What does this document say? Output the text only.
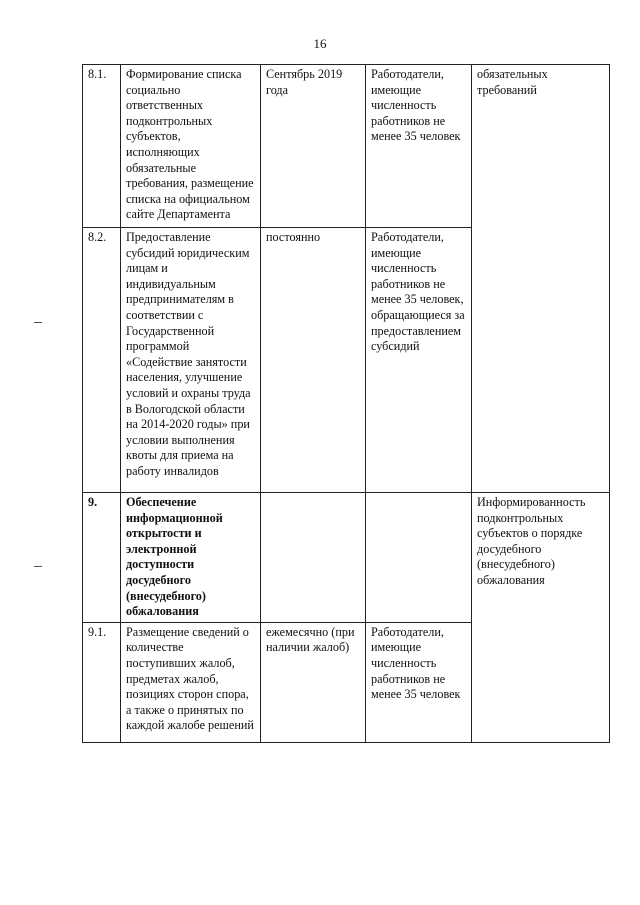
16
8.1.	Формирование списка социально ответственных подконтрольных субъектов, исполняющих обязательные требования, размещение списка на официальном сайте Департамента	Сентябрь 2019 года	Работодатели, имеющие численность работников не менее 35 человек	обязательных требований
8.2.	Предоставление субсидий юридическим лицам и индивидуальным предпринимателям в соответствии с Государственной программой «Содействие занятости населения, улучшение условий и охраны труда в Вологодской области на 2014-2020 годы» при условии выполнения квоты для приема на работу инвалидов	постоянно	Работодатели, имеющие численность работников не менее 35 человек, обращающиеся за предоставлением субсидий	
9.	Обеспечение информационной открытости и электронной доступности досудебного (внесудебного) обжалования			Информированность подконтрольных субъектов о порядке досудебного (внесудебного) обжалования
9.1.	Размещение сведений о количестве поступивших жалоб, предметах жалоб, позициях сторон спора, а также о принятых по каждой жалобе решений	ежемесячно (при наличии жалоб)	Работодатели, имеющие численность работников не менее 35 человек	
